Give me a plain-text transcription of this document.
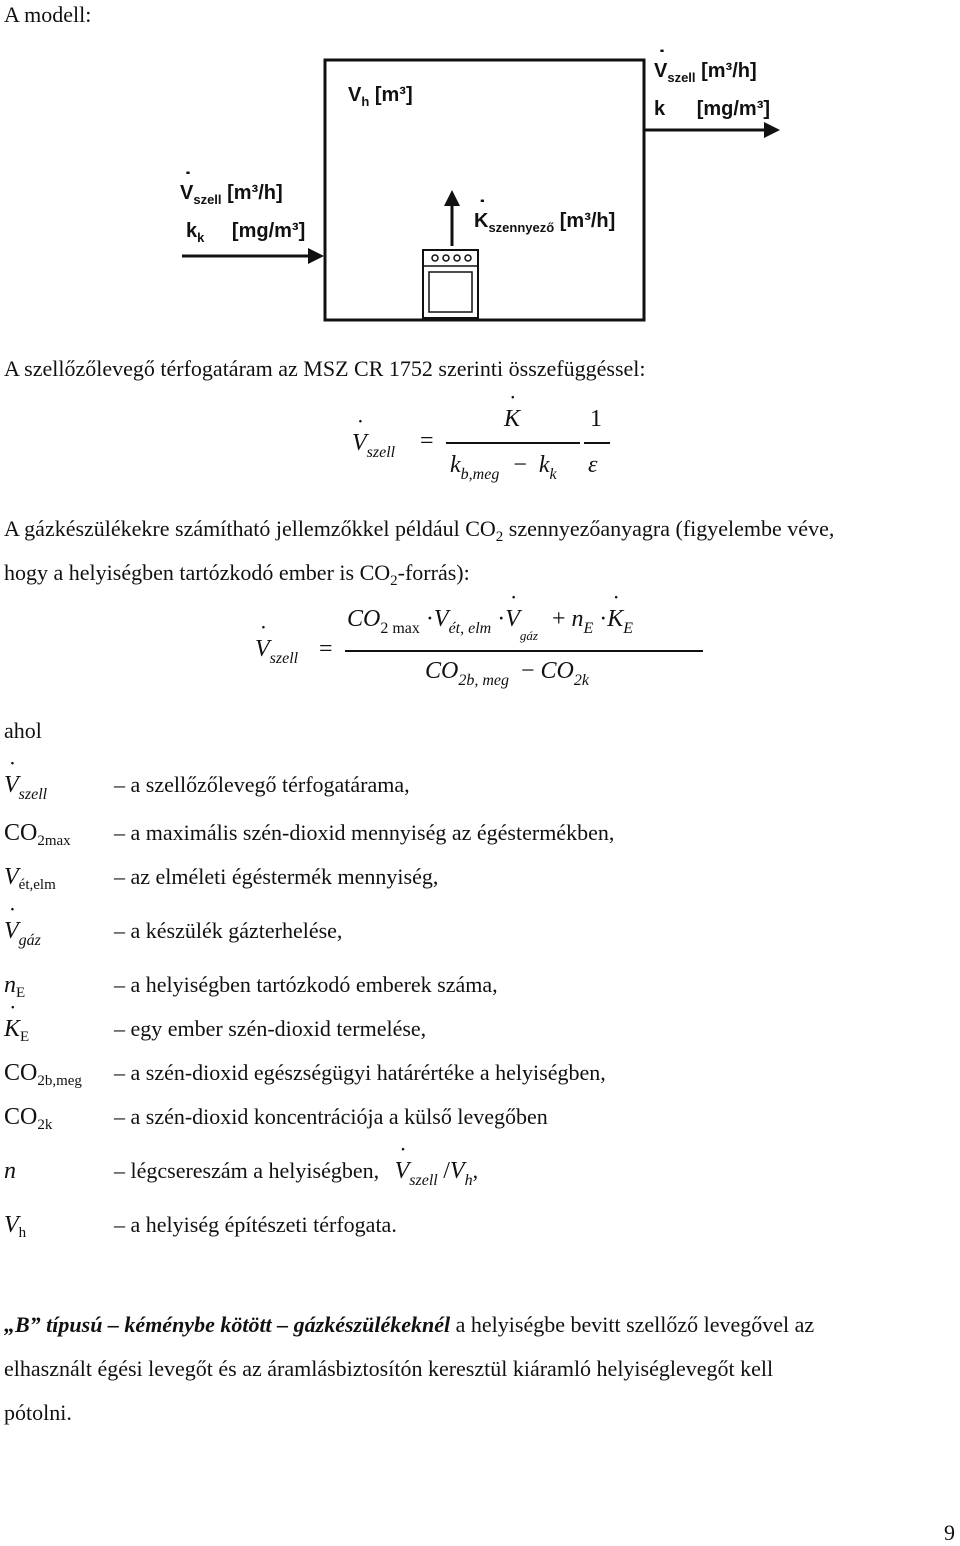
A modell:
$V_h$ [m³]
˙ $V_{szell}$ [m³/h]
k [mg/m³]
˙ $V_{szell}$ [m³/h]
$k_k$ [mg/m³]	˙ $K_{szennyező}$ [m³/h]
A szellőzőlevegő térfogatáram az MSZ CR 1752 szerinti összefüggéssel:
˙ $V_{szell}$ =
˙ K
$k_{b,meg} - k_k$
1
ε
A gázkészülékekre számítható jellemzőkkel például $CO_2$ szennyezőanyagra (figyelembe véve,
hogy a helyiségben tartózkodó ember is $CO_2-forrás$):
˙ $V_{szell}$ =
$CO_{2 max} \cdot V_{ét, elm}$ ·˙ $V_{gáz} + n_E$ ·˙ $K_E$
$CO_{2b, meg} - CO_{2k}$
ahol
˙ $V_{szell}$	– a szellőzőlevegő térfogatárama,
$CO_{2max}$ – a maximális szén-dioxid mennyiség az égéstermékben,
$V_{ét,elm}$	– az elméleti égéstermék mennyiség,
˙ $V_{gáz}$	– a készülék gázterhelése,
$n_E$	– a helyiségben tartózkodó emberek száma,
˙ $K_E$	– egy ember szén-dioxid termelése,
$CO_{2b,meg}$ – a szén-dioxid egészségügyi határértéke a helyiségben,
$CO_{2k}$	– a szén-dioxid koncentrációja a külső levegőben
n	– légcsereszám a helyiségben, ˙ $V_{szell}$ $/V_h$,
$V_h$	– a helyiség építészeti térfogata.
„B” típusú – kéménybe kötött – gázkészülékeknél a helyiségbe bevitt szellőző levegővel az
elhasznált égési levegőt és az áramlásbiztosítón keresztül kiáramló helyiséglevegőt kell
pótolni.
9
